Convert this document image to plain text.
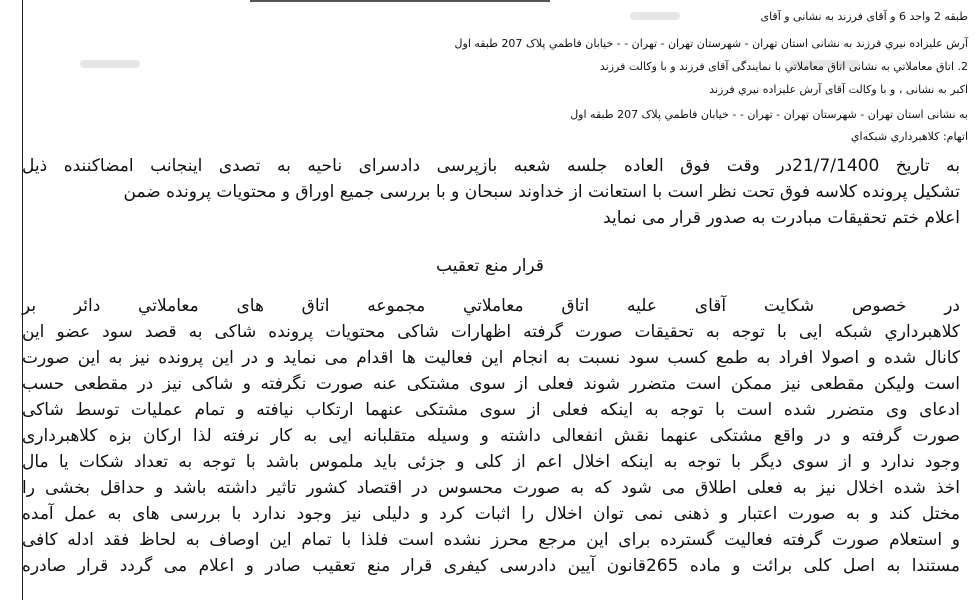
طبقه 2 واحد 6 و آقای فرزند به نشانی و آقای
آرش علیزاده نیري فرزند به نشانی استان تهران - شهرستان تهران - تهران - - خیابان فاطمي پلاک 207 طبقه اول
2. اتاق معاملاتي به نشانی اتاق معاملاتي با نمایندگی آقای فرزند و با وکالت فرزند
اکبر به نشانی ، و با وکالت آقای آرش علیزاده نیري فرزند
به نشانی استان تهران - شهرستان تهران - تهران - - خیابان فاطمي پلاک 207 طبقه اول
اتهام: کلاهبرداري شبکه‌اي
به تاریخ 21/7/1400در وقت فوق العاده جلسه شعبه بازپرسی دادسرای ناحیه به تصدی اینجانب امضاکننده ذیل
تشکیل پرونده کلاسه فوق تحت نظر است با استعانت از خداوند سبحان و با بررسی جمیع اوراق و محتویات پرونده ضمن
اعلام ختم تحقیقات مبادرت به صدور قرار می نماید
قرار منع تعقیب
در خصوص شکایت آقای علیه اتاق معاملاتي مجموعه اتاق های معاملاتي دائر بر
کلاهبرداري شبکه ایی با توجه به تحقیقات صورت گرفته اظهارات شاکی محتویات پرونده شاکی به قصد سود عضو این
کانال شده و اصولا افراد به طمع کسب سود نسبت به انجام این فعالیت ها اقدام می نماید و در این پرونده نیز به این صورت
است ولیکن مقطعی نیز ممکن است متضرر شوند فعلی از سوی مشتکی عنه صورت نگرفته و شاکی نیز در مقطعی حسب
ادعای وی متضرر شده است با توجه به اینکه فعلی از سوی مشتکی عنهما ارتکاب نیافته و تمام عملیات توسط شاکی
صورت گرفته و در واقع مشتکی عنهما نقش انفعالی داشته و وسیله متقلبانه ایی به کار نرفته لذا ارکان بزه کلاهبرداری
وجود ندارد و از سوی دیگر با توجه به اینکه اخلال اعم از کلی و جزئی باید ملموس باشد با توجه به تعداد شکات یا مال
اخذ شده اخلال نیز به فعلی اطلاق می شود که به صورت محسوس در اقتصاد کشور تاثیر داشته باشد و حداقل بخشی را
مختل کند و به صورت اعتبار و ذهنی نمی توان اخلال را اثبات کرد و دلیلی نیز وجود ندارد با بررسی های به عمل آمده
و استعلام صورت گرفته فعالیت گسترده برای این مرجع محرز نشده است فلذا با تمام این اوصاف به لحاظ فقد ادله کافی
مستندا به اصل کلی برائت و ماده 265قانون آیین دادرسی کیفری قرار منع تعقیب صادر و اعلام می گردد قرار صادره
